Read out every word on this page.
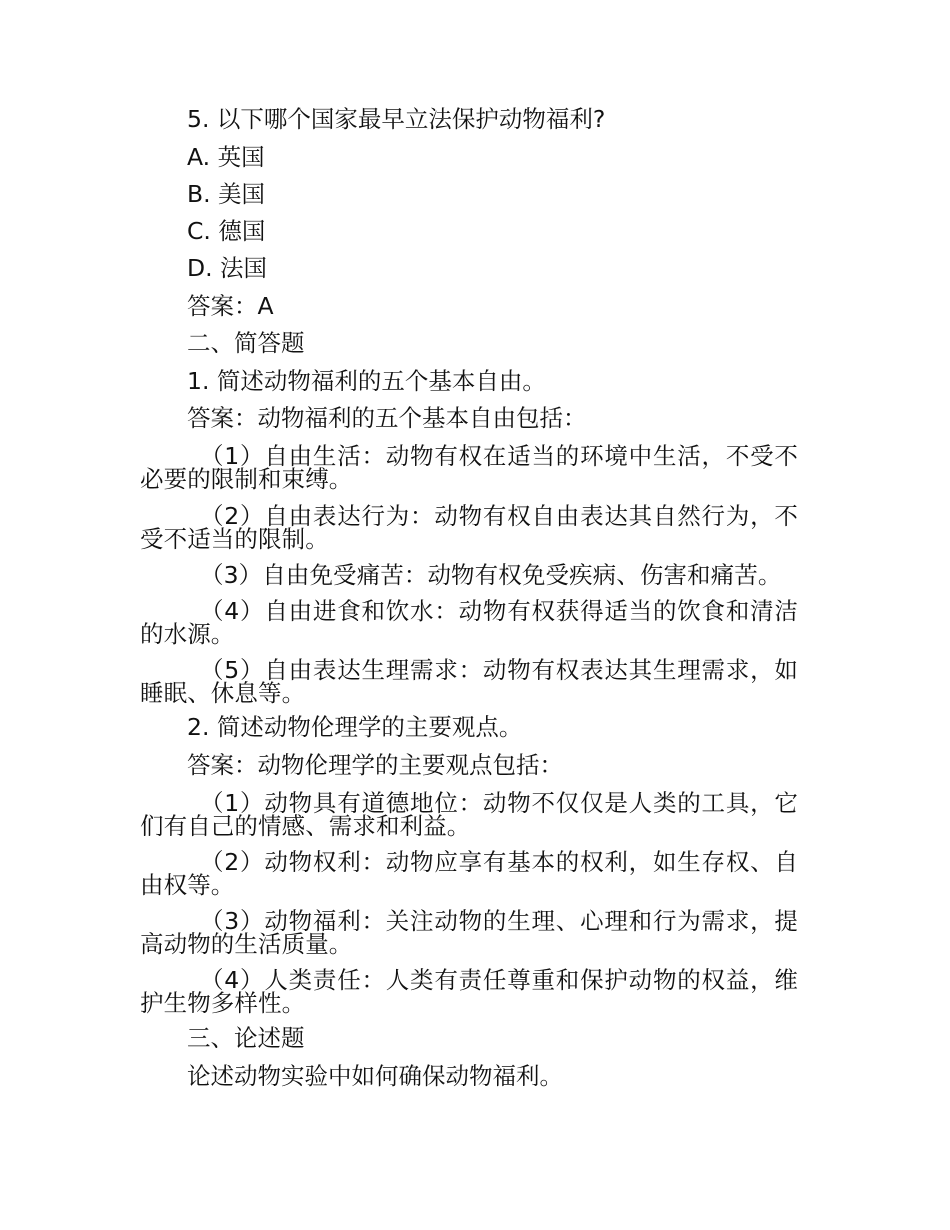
5. 以下哪个国家最早立法保护动物福利?
A. 英国
B. 美国
C. 德国
D. 法国
答案：A
二、简答题
1. 简述动物福利的五个基本自由。
答案：动物福利的五个基本自由包括：
（1）自由生活：动物有权在适当的环境中生活，不受不必要的限制和束缚。
（2）自由表达行为：动物有权自由表达其自然行为，不受不适当的限制。
（3）自由免受痛苦：动物有权免受疾病、伤害和痛苦。
（4）自由进食和饮水：动物有权获得适当的饮食和清洁的水源。
（5）自由表达生理需求：动物有权表达其生理需求，如睡眠、休息等。
2. 简述动物伦理学的主要观点。
答案：动物伦理学的主要观点包括：
（1）动物具有道德地位：动物不仅仅是人类的工具，它们有自己的情感、需求和利益。
（2）动物权利：动物应享有基本的权利，如生存权、自由权等。
（3）动物福利：关注动物的生理、心理和行为需求，提高动物的生活质量。
（4）人类责任：人类有责任尊重和保护动物的权益，维护生物多样性。
三、论述题
论述动物实验中如何确保动物福利。
